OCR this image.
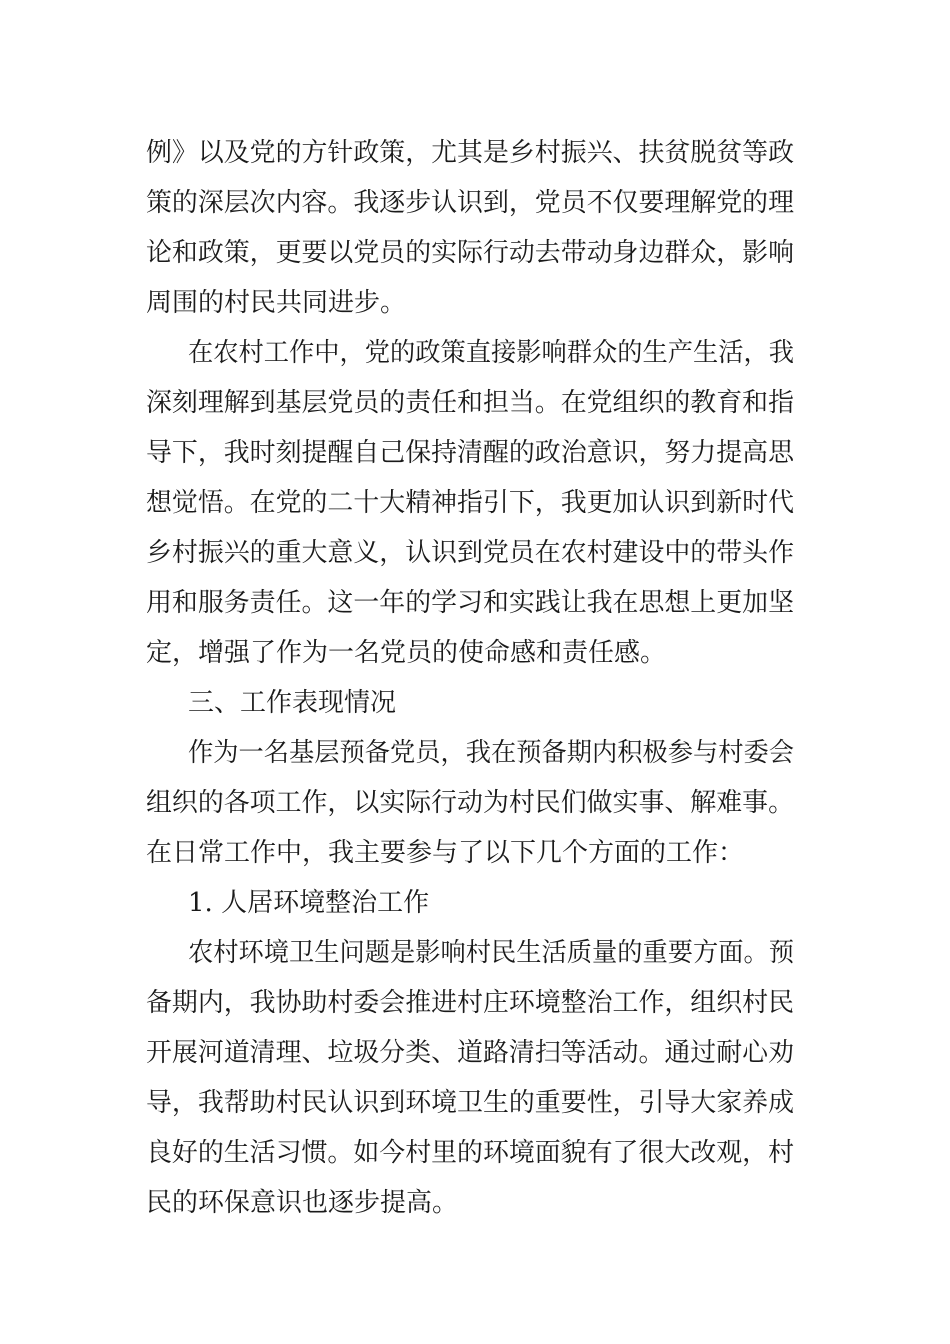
例》以及党的方针政策，尤其是乡村振兴、扶贫脱贫等政
策的深层次内容。我逐步认识到，党员不仅要理解党的理
论和政策，更要以党员的实际行动去带动身边群众，影响
周围的村民共同进步。
在农村工作中，党的政策直接影响群众的生产生活，我
深刻理解到基层党员的责任和担当。在党组织的教育和指
导下，我时刻提醒自己保持清醒的政治意识，努力提高思
想觉悟。在党的二十大精神指引下，我更加认识到新时代
乡村振兴的重大意义，认识到党员在农村建设中的带头作
用和服务责任。这一年的学习和实践让我在思想上更加坚
定，增强了作为一名党员的使命感和责任感。
三、工作表现情况
作为一名基层预备党员，我在预备期内积极参与村委会
组织的各项工作，以实际行动为村民们做实事、解难事。
在日常工作中，我主要参与了以下几个方面的工作：
1. 人居环境整治工作
农村环境卫生问题是影响村民生活质量的重要方面。预
备期内，我协助村委会推进村庄环境整治工作，组织村民
开展河道清理、垃圾分类、道路清扫等活动。通过耐心劝
导，我帮助村民认识到环境卫生的重要性，引导大家养成
良好的生活习惯。如今村里的环境面貌有了很大改观，村
民的环保意识也逐步提高。
